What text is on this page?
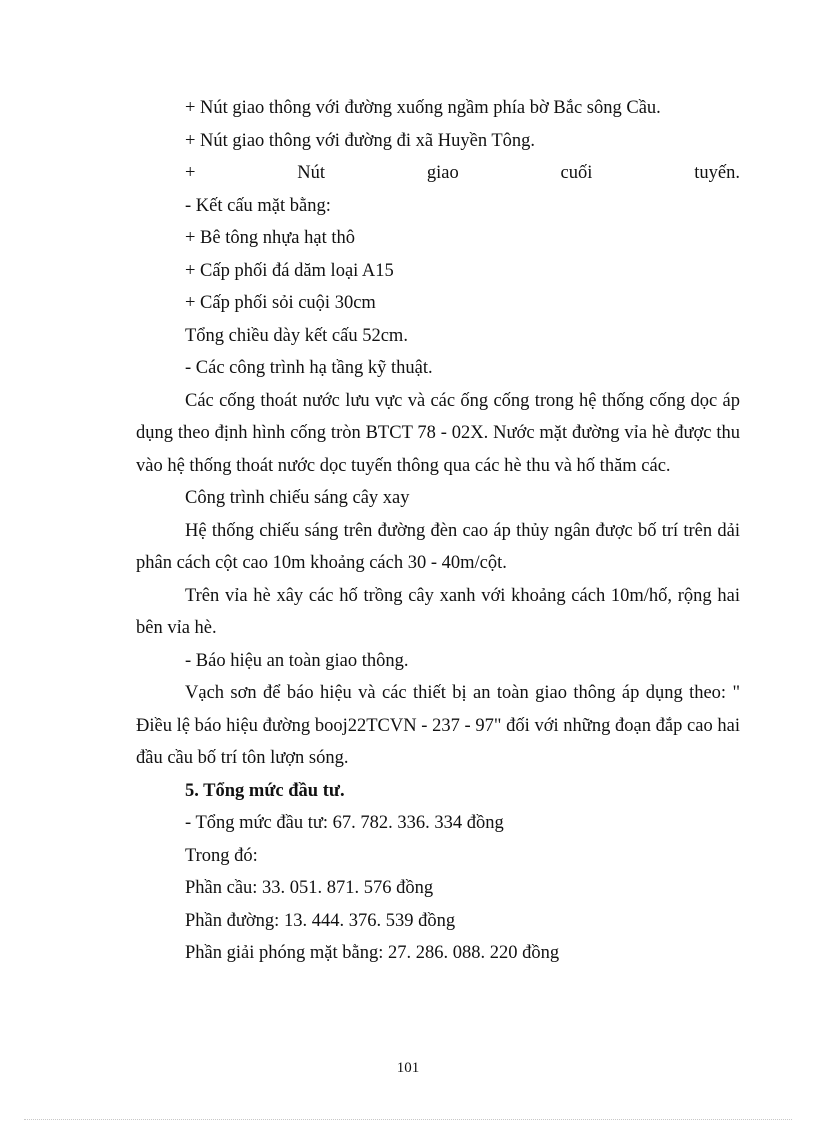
+ Nút giao thông với đường xuống ngầm phía bờ Bắc sông Cầu.
+ Nút giao thông với đường đi xã Huyền Tông.
+	Nút	giao	cuối	tuyến.
- Kết cấu mặt bằng:
+ Bê tông nhựa hạt thô
+ Cấp phối đá dăm loại A15
+ Cấp phối sỏi cuội 30cm
Tổng chiều dày kết cấu 52cm.
- Các công trình hạ tầng kỹ thuật.
Các cống thoát nước lưu vực và các ống cống trong hệ thống cống dọc áp dụng theo định hình cống tròn BTCT 78 - 02X. Nước mặt đường vỉa hè được thu vào hệ thống thoát nước dọc tuyến thông qua các hè thu và hố thăm các.
Công trình chiếu sáng cây xay
Hệ thống chiếu sáng trên đường đèn cao áp thủy ngân được bố trí trên dải phân cách cột cao 10m khoảng cách 30 - 40m/cột.
Trên vỉa hè xây các hố trồng cây xanh với khoảng cách 10m/hố, rộng hai bên vỉa hè.
- Báo hiệu an toàn giao thông.
Vạch sơn để báo hiệu và các thiết bị an toàn giao thông áp dụng theo: " Điều lệ báo hiệu đường booj22TCVN - 237 - 97" đối với những đoạn đắp cao hai đầu cầu bố trí tôn lượn sóng.
5. Tổng mức đầu tư.
- Tổng mức đầu tư: 67. 782. 336. 334 đồng
Trong đó:
Phần cầu: 33. 051. 871. 576 đồng
Phần đường: 13. 444. 376. 539 đồng
Phần giải phóng mặt bằng: 27. 286. 088. 220 đồng
101
